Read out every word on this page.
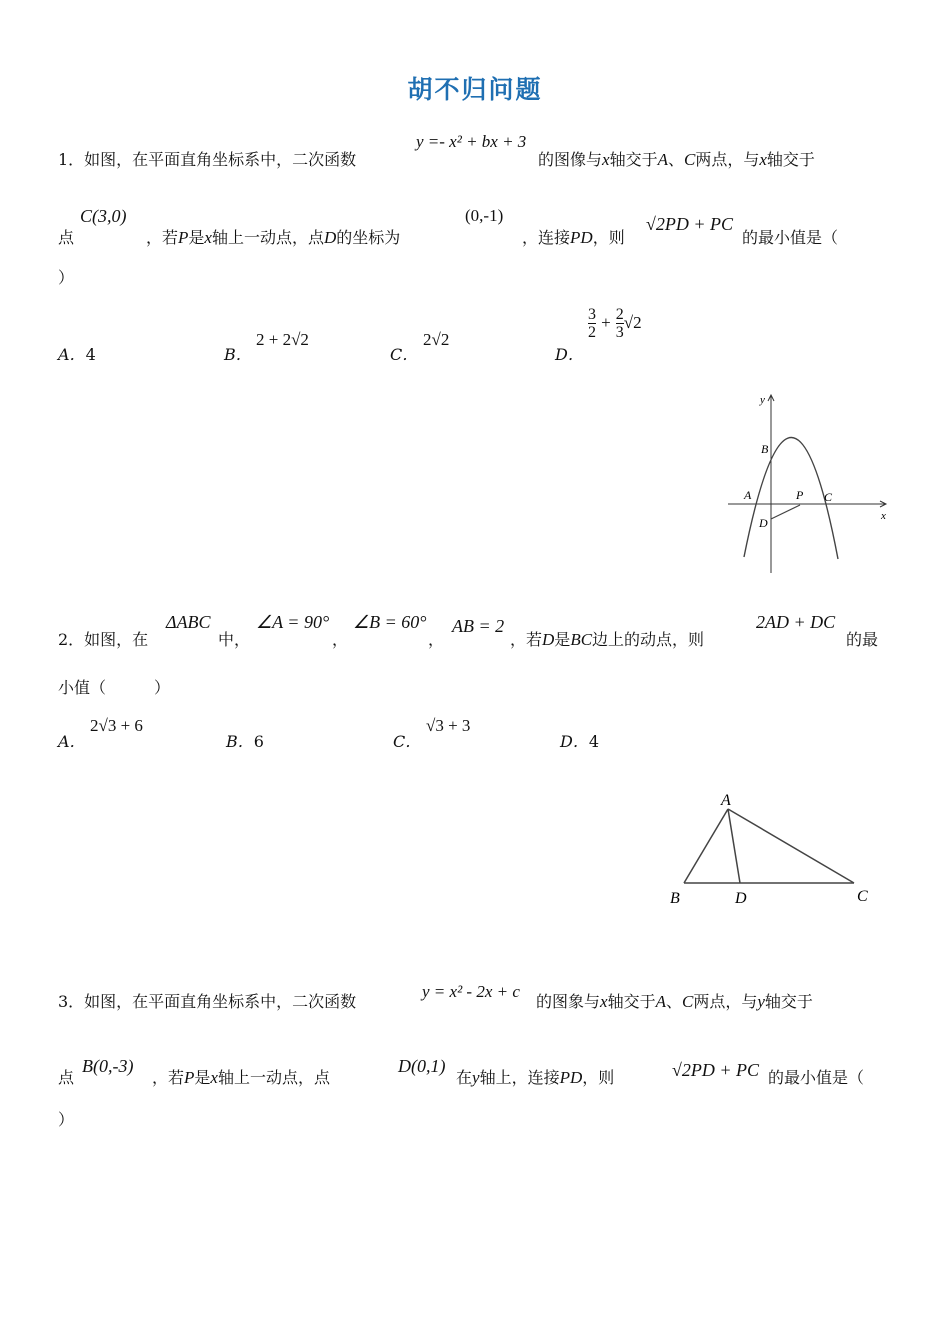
胡不归问题
1．如图，在平面直角坐标系中，二次函数
y =- x² + bx + 3
的图像与x轴交于A、C两点，与x轴交于
C(3,0)
点	，若P是x轴上一动点，点D的坐标为
(0,-1)
，连接PD，则
√2PD + PC
的最小值是（
）
A．4	B．
2 + 2√2
C．
2√2
D．
$\frac{3}{2} + \frac{2}{3} √2$
y
x
B
A	P C
D
2．如图，在
ΔABC
中，
∠A = 90°
，
∠B = 60°
，
AB = 2
，若D是BC边上的动点，则
2AD + DC
的最
小值（　　　）
A．
2√3 + 6
B．6	C．
√3 + 3
D．4
A
B	D	C
3．如图，在平面直角坐标系中，二次函数
y = x² - 2x + c
的图象与x轴交于A、C两点，与y轴交于
点
B(0,-3)
，若P是x轴上一动点，点
D(0,1)
在y轴上，连接PD，则	√2PD + PC 的最小值是（
）
